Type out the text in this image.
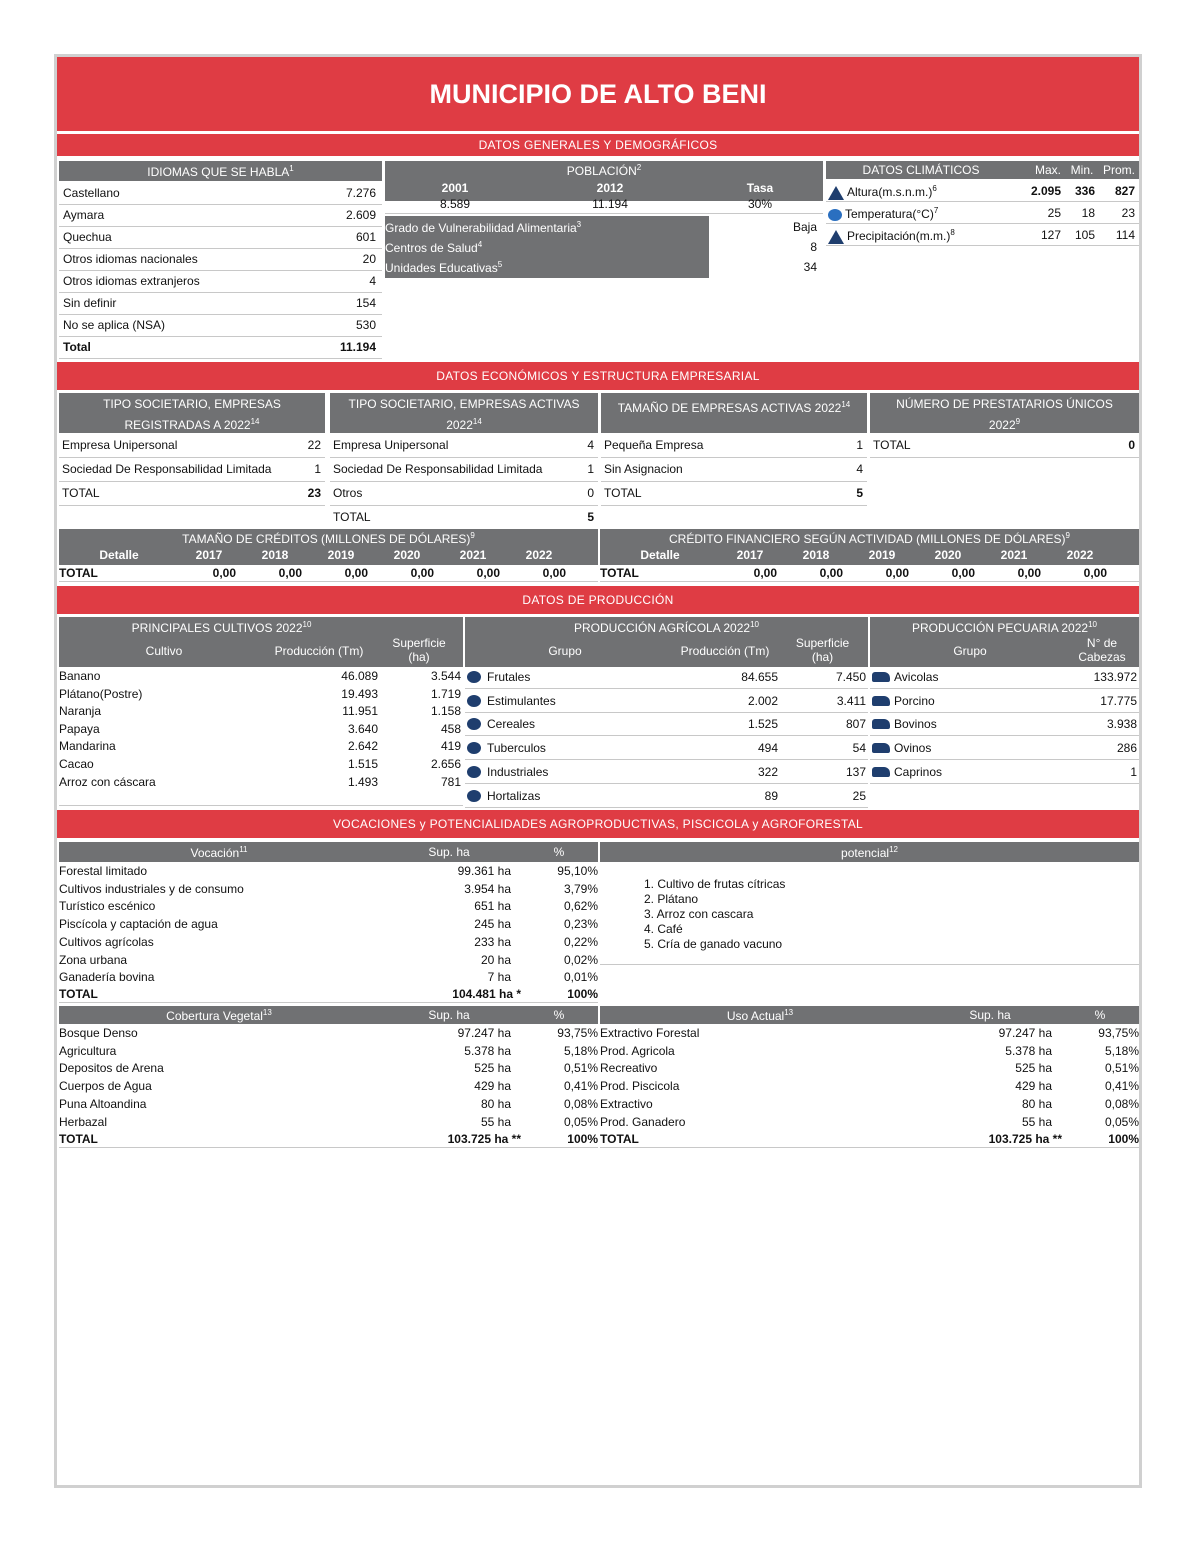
MUNICIPIO DE ALTO BENI
DATOS GENERALES Y DEMOGRÁFICOS
IDIOMAS QUE SE HABLA$^1$	POBLACIÓN$^2$
2001	2012	Tasa
8.589	11.194	30%
DATOS CLIMÁTICOS	Max. Min. Prom.
DATOS ECONÓMICOS Y ESTRUCTURA EMPRESARIAL
DATOS DE PRODUCCIÓN
VOCACIONES y POTENCIALIDADES AGROPRODUCTIVAS, PISCICOLA y AGROFORESTAL
Castellano	7.276
Aymara	2.609
Quechua	601
Otros idiomas nacionales	20
Otros idiomas extranjeros	4
Sin definir	154
No se aplica (NSA)	530
Total	11.194
Grado de Vulnerabilidad Alimentaria$^3$	Baja
Centros de Salud$^4$	8
Unidades Educativas$^5$	34
$Altura(m.s.n.m.)^6$	2.095 336 827
$Temperatura(^\circ C)^7$	25 18 23
$Precipitación(m.m.)^8$	127 105 114
TIPO SOCIETARIO, EMPRESAS REGISTRADAS A 2022$^{14}$
Empresa Unipersonal	22
Sociedad De Responsabilidad Limitada	1
TOTAL	23
TIPO SOCIETARIO, EMPRESAS ACTIVAS 2022$^{14}$
Empresa Unipersonal	4
Sociedad De Responsabilidad Limitada	1
Otros	0
TOTAL	5
TAMAÑO DE EMPRESAS ACTIVAS 2022$^{14}$
Pequeña Empresa	1
Sin Asignacion	4
TOTAL	5
NÚMERO DE PRESTATARIOS ÚNICOS 2022$^9$
TOTAL	0
TAMAÑO DE CRÉDITOS (MILLONES DE DÓLARES)$^9$
Detalle	2017	2018	2019	2020	2021	2022
TOTAL	0,00	0,00	0,00	0,00	0,00	0,00
CRÉDITO FINANCIERO SEGÚN ACTIVIDAD (MILLONES DE DÓLARES)$^9$
Detalle	2017	2018	2019	2020	2021	2022
TOTAL	0,00	0,00	0,00	0,00	0,00	0,00
PRINCIPALES CULTIVOS 2022$^{10}$
Cultivo	Producción (Tm)
Superficie (ha)
Banano	46.089	3.544
Plátano(Postre)	19.493	1.719
Naranja	11.951	1.158
Papaya	3.640	458
Mandarina	2.642	419
Cacao	1.515	2.656
Arroz con cáscara	1.493	781
PRODUCCIÓN AGRÍCOLA 2022$^{10}$
Grupo	Producción (Tm)
Superficie (ha)
Frutales	84.655	7.450
Estimulantes	2.002	3.411
Cereales	1.525	807
Tuberculos	494	54
Industriales	322	137
Hortalizas	89	25
PRODUCCIÓN PECUARIA 2022$^{10}$
Grupo
N° de Cabezas
Avicolas	133.972
Porcino	17.775
Bovinos	3.938
Ovinos	286
Caprinos	1
Vocación$^{11}$	Sup. ha	%
Forestal limitado	99.361 ha	95,10%
Cultivos industriales y de consumo	3.954 ha	3,79%
Turístico escénico	651 ha	0,62%
Piscícola y captación de agua	245 ha	0,23%
Cultivos agrícolas	233 ha	0,22%
Zona urbana	20 ha	0,02%
Ganadería bovina	7 ha	0,01%
TOTAL	104.481 ha *	100%
potencial$^{12}$
1. Cultivo de frutas cítricas
2. Plátano
3. Arroz con cascara
4. Café
5. Cría de ganado vacuno
Cobertura Vegetal$^{13}$	Sup. ha	%
Bosque Denso	97.247 ha	93,75%
Agricultura	5.378 ha	5,18%
Depositos de Arena	525 ha	0,51%
Cuerpos de Agua	429 ha	0,41%
Puna Altoandina	80 ha	0,08%
Herbazal	55 ha	0,05%
TOTAL	103.725 ha **	100%
Uso Actual$^{13}$	Sup. ha	%
Extractivo Forestal	97.247 ha	93,75%
Prod. Agricola	5.378 ha	5,18%
Recreativo	525 ha	0,51%
Prod. Piscicola	429 ha	0,41%
Extractivo	80 ha	0,08%
Prod. Ganadero	55 ha	0,05%
TOTAL	103.725 ha **	100%
